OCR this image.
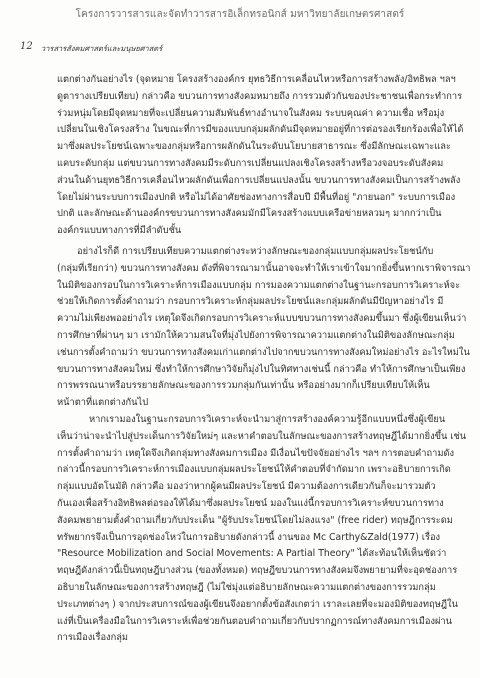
โครงการวารสารและจัดทำวารสารอิเล็กทรอนิกส์ มหาวิทยาลัยเกษตรศาสตร์
12 วารสารสังคมศาสตร์และมนุษยศาสตร์
แตกต่างกันอย่างไร (จุดหมาย โครงสร้างองค์กร ยุทธวิธีการเคลื่อนไหวหรือการสร้างพลัง/อิทธิพล ฯลฯ
ดูตารางเปรียบเทียบ) กล่าวคือ ขบวนการทางสังคมหมายถึง การรวมตัวกันของประชาชนเพื่อกระทำการ
ร่วมหนุ่มโดยมีจุดหมายที่จะเปลี่ยนความสัมพันธ์ทางอำนาจในสังคม ระบบคุณค่า ความเชื่อ หรือมุ่ง
เปลี่ยนในเชิงโครงสร้าง ในขณะที่การมีของแบบกลุ่มผลักดันมีจุดหมายอยู่ที่การต่อรองเรียกร้องเพื่อให้ได้
มาซึ่งผลประโยชน์เฉพาะของกลุ่มหรือการผลักดันในระดับนโยบายสาธารณะ ซึ่งมีลักษณะเฉพาะและ
แคบระดับกลุ่ม แต่ขบวนการทางสังคมมีระดับการเปลี่ยนแปลงเชิงโครงสร้างหรือวงจอบระดับสังคม
ส่วนในด้านยุทธวิธีการเคลื่อนไหวผลักดันเพื่อการเปลี่ยนแปลงนั้น ขบวนการทางสังคมเป็นการสร้างพลัง
โดยไม่ผ่านระบบการเมืองปกติ หรือไม่ได้อาศัยช่องทางการสื่อบปี มีพื้นที่อยู่ "ภายนอก" ระบบการเมือง
ปกติ และลักษณะด้านองค์กรขบวนการทางสังคมมักมีโครงสร้างแบบเครือข่ายหลวมๆ มากกว่าเป็น
องค์กรแบบทางการที่มีลำดับชั้น
อย่างไรก็ดี การเปรียบเทียบความแตกต่างระหว่างลักษณะของกลุ่มแบบกลุ่มผลประโยชน์กับ
(กลุ่มที่เรียกว่า) ขบวนการทางสังคม ดังที่พิจารณามานั้นอาจจะทำให้เราเข้าใจมากยิ่งขึ้นหากเราพิจารณา
ในมิติของกรอบในการวิเคราะห์การเมืองแบบกลุ่ม การมองความแตกต่างในฐานะกรอบการวิเคราะห์จะ
ช่วยให้เกิดการตั้งคำถามว่า กรอบการวิเคราะห์กลุ่มผลประโยชน์และกลุ่มผลักดันมีปัญหาอย่างไร มี
ความไม่เพียงพออย่างไร เหตุใดจึงเกิดกรอบการวิเคราะห์แบบขบวนการทางสังคมขึ้นมา ซึ่งผู้เขียนเห็นว่า
การศึกษาที่ผ่านๆ มา เรามักให้ความสนใจที่มุ่งไปยังการพิจารณาความแตกต่างในมิติของลักษณะกลุ่ม
เช่นการตั้งคำถามว่า ขบวนการทางสังคมเก่าแตกต่างไปจากขบวนการทางสังคมใหม่อย่างไร อะไรใหม่ใน
ขบวนการทางสังคมใหม่ ซึ่งทำให้การศึกษาวิจัยก็มุ่งไปในทิศทางเช่นนี้ กล่าวคือ ทำให้การศึกษาเป็นเพียง
การพรรณนาหรือบรรยายลักษณะของการรวมกลุ่มกันเท่านั้น หรืออย่างมากก็เปรียบเทียบให้เห็น
หน้าตาที่แตกต่างกันไป
หากเรามองในฐานะกรอบการวิเคราะห์จะนำมาสู่การสร้างองค์ความรู้อีกแบบหนึ่งซึ่งผู้เขียน
เห็นว่าน่าจะนำไปสู่ประเด็นการวิจัยใหม่ๆ และหาคำตอบในลักษณะของการสร้างทฤษฎีได้มากยิ่งขึ้น เช่น
การตั้งคำถามว่า เหตุใดจึงเกิดกลุ่มทางสังคมการเมือง มีเงื่อนไขปัจจัยอย่างไร ฯลฯ การตอบคำถามดัง
กล่าวนี้กรอบการวิเคราะห์การเมืองแบบกลุ่มผลประโยชน์ให้คำตอบที่จำกัดมาก เพราะอธิบายการเกิด
กลุ่มแบบอัตโนมัติ กล่าวคือ มองว่าหากผู้คนมีผลประโยชน์ มีความต้องการเดียวกันก็จะมารวมตัว
กันเองเพื่อสร้างอิทธิพลต่อรองให้ได้มาซึ่งผลประโยชน์ มองในแง่นี้กรอบการวิเคราะห์ขบวนการทาง
สังคมพยายามตั้งคำถามเกี่ยวกับประเด็น "ผู้รับประโยชน์โดยไม่ลงแรง" (free rider) ทฤษฎีการระดม
ทรัพยากรจึงเป็นการอุดช่องโหว่ในการอธิบายดังกล่าวนี้ งานของ Mc Carthy&Zald(1977) เรื่อง
"Resource Mobilization and Social Movements: A Partial Theory" ได้สะท้อนให้เห็นชัดว่า
ทฤษฎีดังกล่าวนี้เป็นทฤษฎีบางส่วน (ของทั้งหมด) ทฤษฎีขบวนการทางสังคมจึงพยายามที่จะอุดช่องการ
อธิบายในลักษณะของการสร้างทฤษฎี (ไม่ใช่มุ่งแต่อธิบายลักษณะความแตกต่างของการรวมกลุ่ม
ประเภทต่างๆ ) จากประสบการณ์ของผู้เขียนจึงอยากตั้งข้อสังเกตว่า เราละเลยที่จะมองมิติของทฤษฎีใน
แง่ที่เป็นเครื่องมือในการวิเคราะห์เพื่อช่วยกันตอบคำถามเกี่ยวกับปรากฏการณ์ทางสังคมการเมืองผ่าน
การเมืองเรื่องกลุ่ม
